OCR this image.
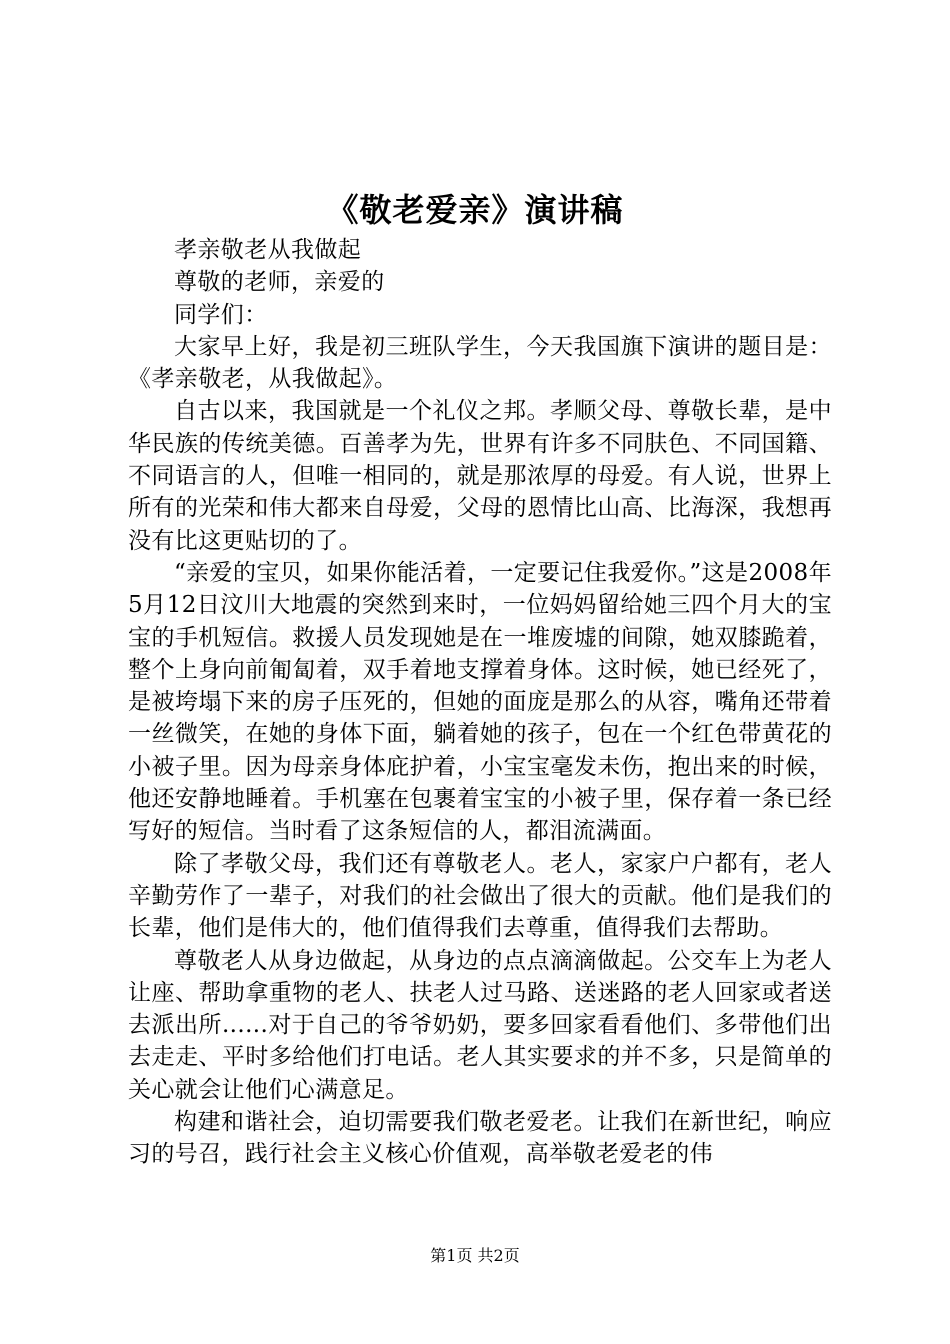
《敬老爱亲》演讲稿

孝亲敬老从我做起

尊敬的老师，亲爱的

同学们：

大家早上好，我是初三班队学生，今天我国旗下演讲的题目是：《孝亲敬老，从我做起》。

自古以来，我国就是一个礼仪之邦。孝顺父母、尊敬长辈，是中华民族的传统美德。百善孝为先，世界有许多不同肤色、不同国籍、不同语言的人，但唯一相同的，就是那浓厚的母爱。有人说，世界上所有的光荣和伟大都来自母爱，父母的恩情比山高、比海深，我想再没有比这更贴切的了。

“亲爱的宝贝，如果你能活着，一定要记住我爱你。”这是2008年5月12日汶川大地震的突然到来时，一位妈妈留给她三四个月大的宝宝的手机短信。救援人员发现她是在一堆废墟的间隙，她双膝跪着，整个上身向前匍匐着，双手着地支撑着身体。这时候，她已经死了，是被垮塌下来的房子压死的，但她的面庞是那么的从容，嘴角还带着一丝微笑，在她的身体下面，躺着她的孩子，包在一个红色带黄花的小被子里。因为母亲身体庇护着，小宝宝毫发未伤，抱出来的时候，他还安静地睡着。手机塞在包裹着宝宝的小被子里，保存着一条已经写好的短信。当时看了这条短信的人，都泪流满面。

除了孝敬父母，我们还有尊敬老人。老人，家家户户都有，老人辛勤劳作了一辈子，对我们的社会做出了很大的贡献。他们是我们的长辈，他们是伟大的，他们值得我们去尊重，值得我们去帮助。

尊敬老人从身边做起，从身边的点点滴滴做起。公交车上为老人让座、帮助拿重物的老人、扶老人过马路、送迷路的老人回家或者送去派出所......对于自己的爷爷奶奶，要多回家看看他们、多带他们出去走走、平时多给他们打电话。老人其实要求的并不多，只是简单的关心就会让他们心满意足。

构建和谐社会，迫切需要我们敬老爱老。让我们在新世纪，响应习的号召，践行社会主义核心价值观，高举敬老爱老的伟

第1页 共2页
